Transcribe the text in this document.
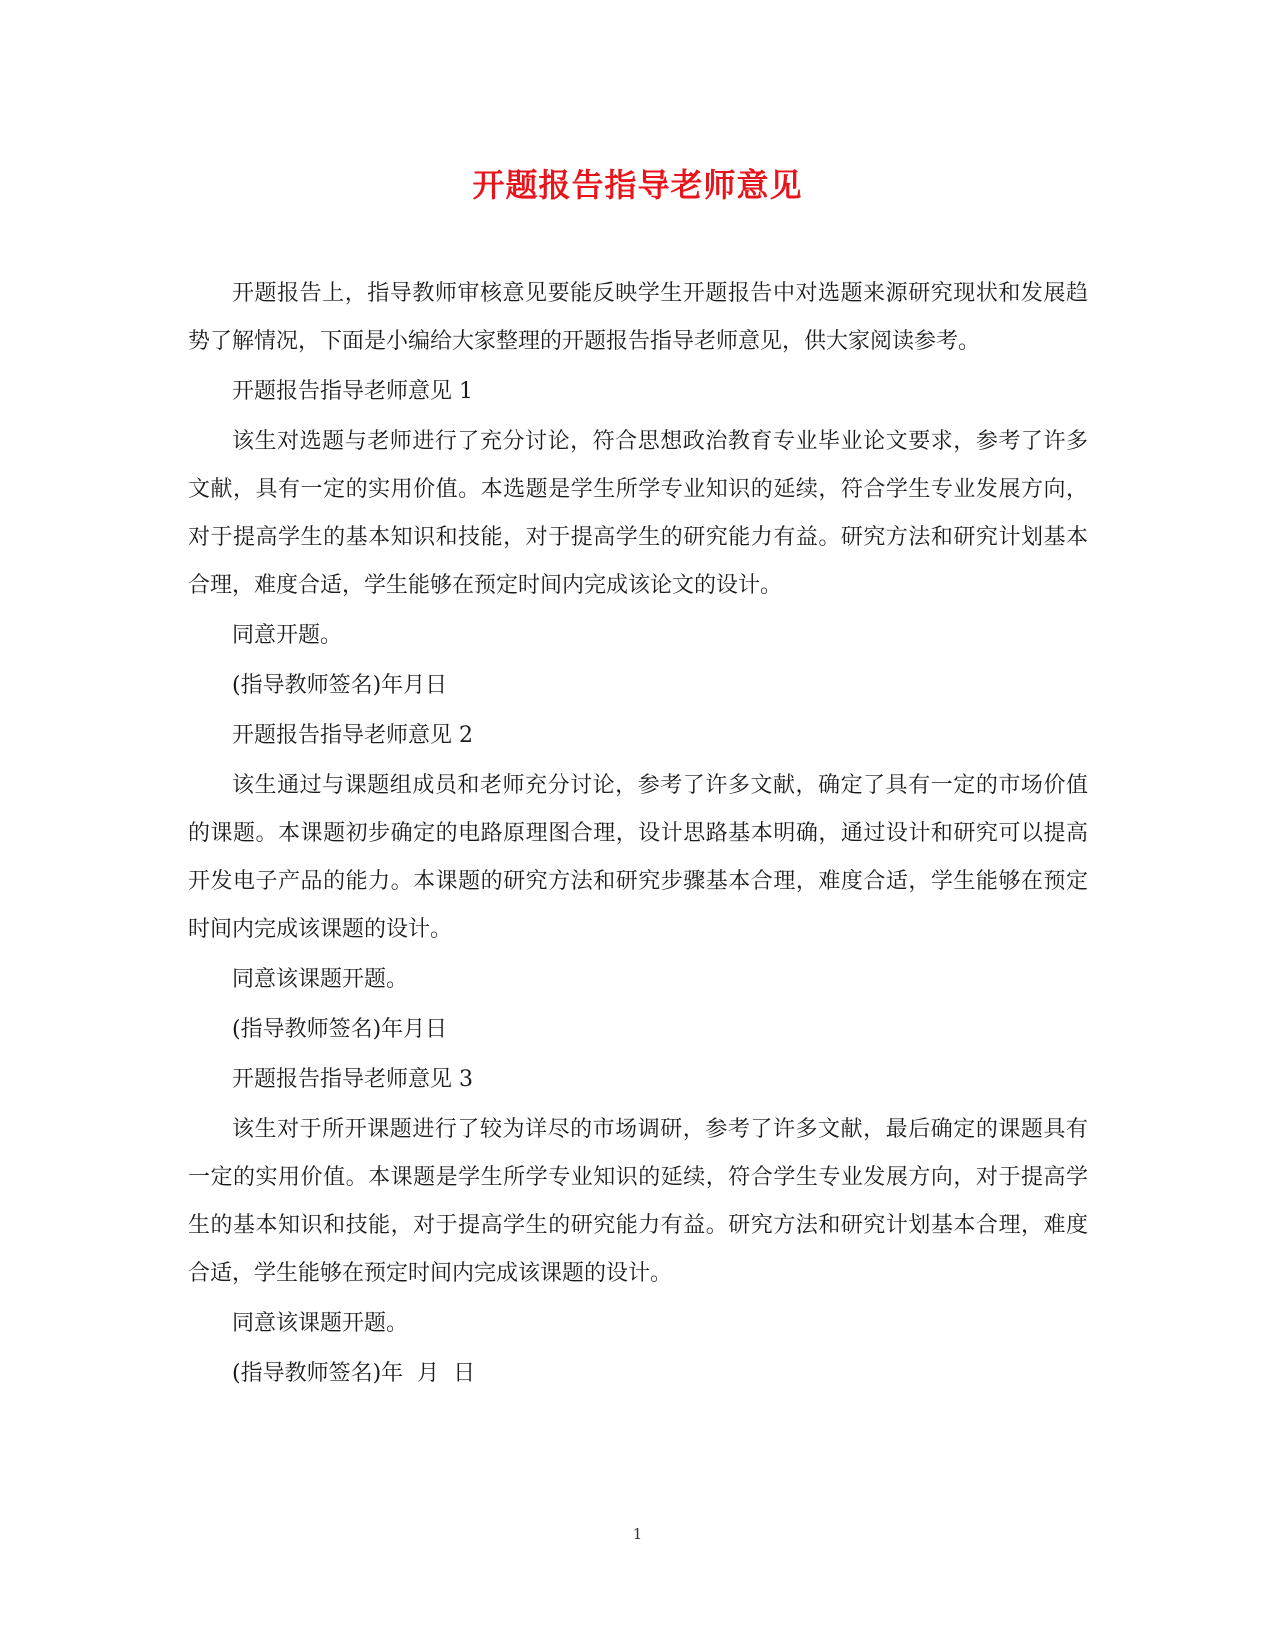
开题报告指导老师意见

开题报告上，指导教师审核意见要能反映学生开题报告中对选题来源研究现状和发展趋势了解情况，下面是小编给大家整理的开题报告指导老师意见，供大家阅读参考。

开题报告指导老师意见 1

该生对选题与老师进行了充分讨论，符合思想政治教育专业毕业论文要求，参考了许多文献，具有一定的实用价值。本选题是学生所学专业知识的延续，符合学生专业发展方向，对于提高学生的基本知识和技能，对于提高学生的研究能力有益。研究方法和研究计划基本合理，难度合适，学生能够在预定时间内完成该论文的设计。

同意开题。

(指导教师签名)年月日

开题报告指导老师意见 2

该生通过与课题组成员和老师充分讨论，参考了许多文献，确定了具有一定的市场价值的课题。本课题初步确定的电路原理图合理，设计思路基本明确，通过设计和研究可以提高开发电子产品的能力。本课题的研究方法和研究步骤基本合理，难度合适，学生能够在预定时间内完成该课题的设计。

同意该课题开题。

(指导教师签名)年月日

开题报告指导老师意见 3

该生对于所开课题进行了较为详尽的市场调研，参考了许多文献，最后确定的课题具有一定的实用价值。本课题是学生所学专业知识的延续，符合学生专业发展方向，对于提高学生的基本知识和技能，对于提高学生的研究能力有益。研究方法和研究计划基本合理，难度合适，学生能够在预定时间内完成该课题的设计。

同意该课题开题。

(指导教师签名)年  月  日

1
